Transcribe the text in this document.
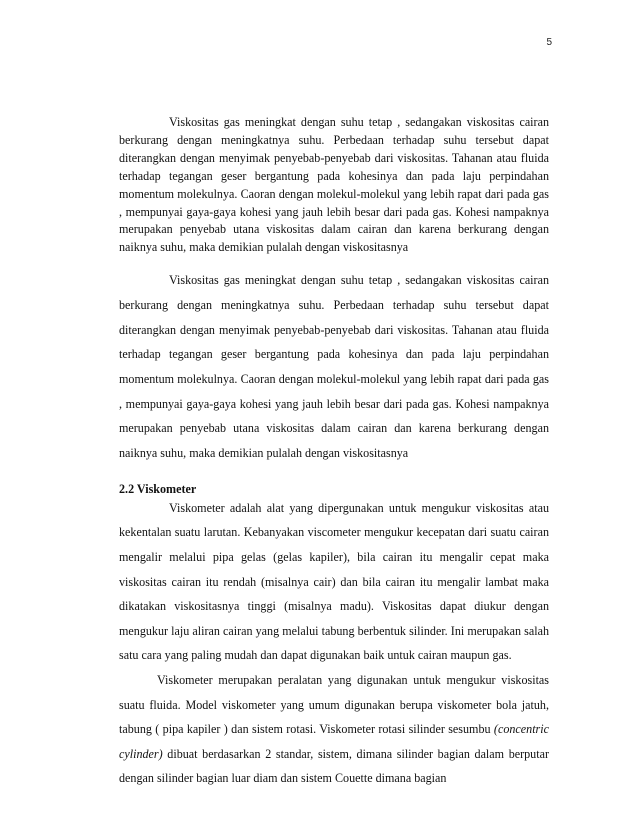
5

Viskositas gas meningkat dengan suhu tetap , sedangakan viskositas cairan berkurang dengan meningkatnya suhu. Perbedaan terhadap suhu tersebut dapat diterangkan dengan menyimak penyebab-penyebab dari viskositas. Tahanan atau fluida terhadap tegangan geser bergantung pada kohesinya dan pada laju perpindahan momentum molekulnya. Caoran dengan molekul-molekul yang lebih rapat dari pada gas , mempunyai gaya-gaya kohesi yang jauh lebih besar dari pada gas. Kohesi nampaknya merupakan penyebab utana viskositas dalam cairan dan karena berkurang dengan naiknya suhu, maka demikian pulalah dengan viskositasnya

Viskositas gas meningkat dengan suhu tetap , sedangakan viskositas cairan berkurang dengan meningkatnya suhu. Perbedaan terhadap suhu tersebut dapat diterangkan dengan menyimak penyebab-penyebab dari viskositas. Tahanan atau fluida terhadap tegangan geser bergantung pada kohesinya dan pada laju perpindahan momentum molekulnya. Caoran dengan molekul-molekul yang lebih rapat dari pada gas , mempunyai gaya-gaya kohesi yang jauh lebih besar dari pada gas. Kohesi nampaknya merupakan penyebab utana viskositas dalam cairan dan karena berkurang dengan naiknya suhu, maka demikian pulalah dengan viskositasnya

2.2 Viskometer

Viskometer adalah alat yang dipergunakan untuk mengukur viskositas atau kekentalan suatu larutan. Kebanyakan viscometer mengukur kecepatan dari suatu cairan mengalir melalui pipa gelas (gelas kapiler), bila cairan itu mengalir cepat maka viskositas cairan itu rendah (misalnya cair) dan bila cairan itu mengalir lambat maka dikatakan viskositasnya tinggi (misalnya madu). Viskositas dapat diukur dengan mengukur laju aliran cairan yang melalui tabung berbentuk silinder. Ini merupakan salah satu cara yang paling mudah dan dapat digunakan baik untuk cairan maupun gas.

Viskometer merupakan peralatan yang digunakan untuk mengukur viskositas suatu fluida. Model viskometer yang umum digunakan berupa viskometer bola jatuh, tabung ( pipa kapiler ) dan sistem rotasi. Viskometer rotasi silinder sesumbu (concentric cylinder) dibuat berdasarkan 2 standar, sistem, dimana silinder bagian dalam berputar dengan silinder bagian luar diam dan sistem Couette dimana bagian
